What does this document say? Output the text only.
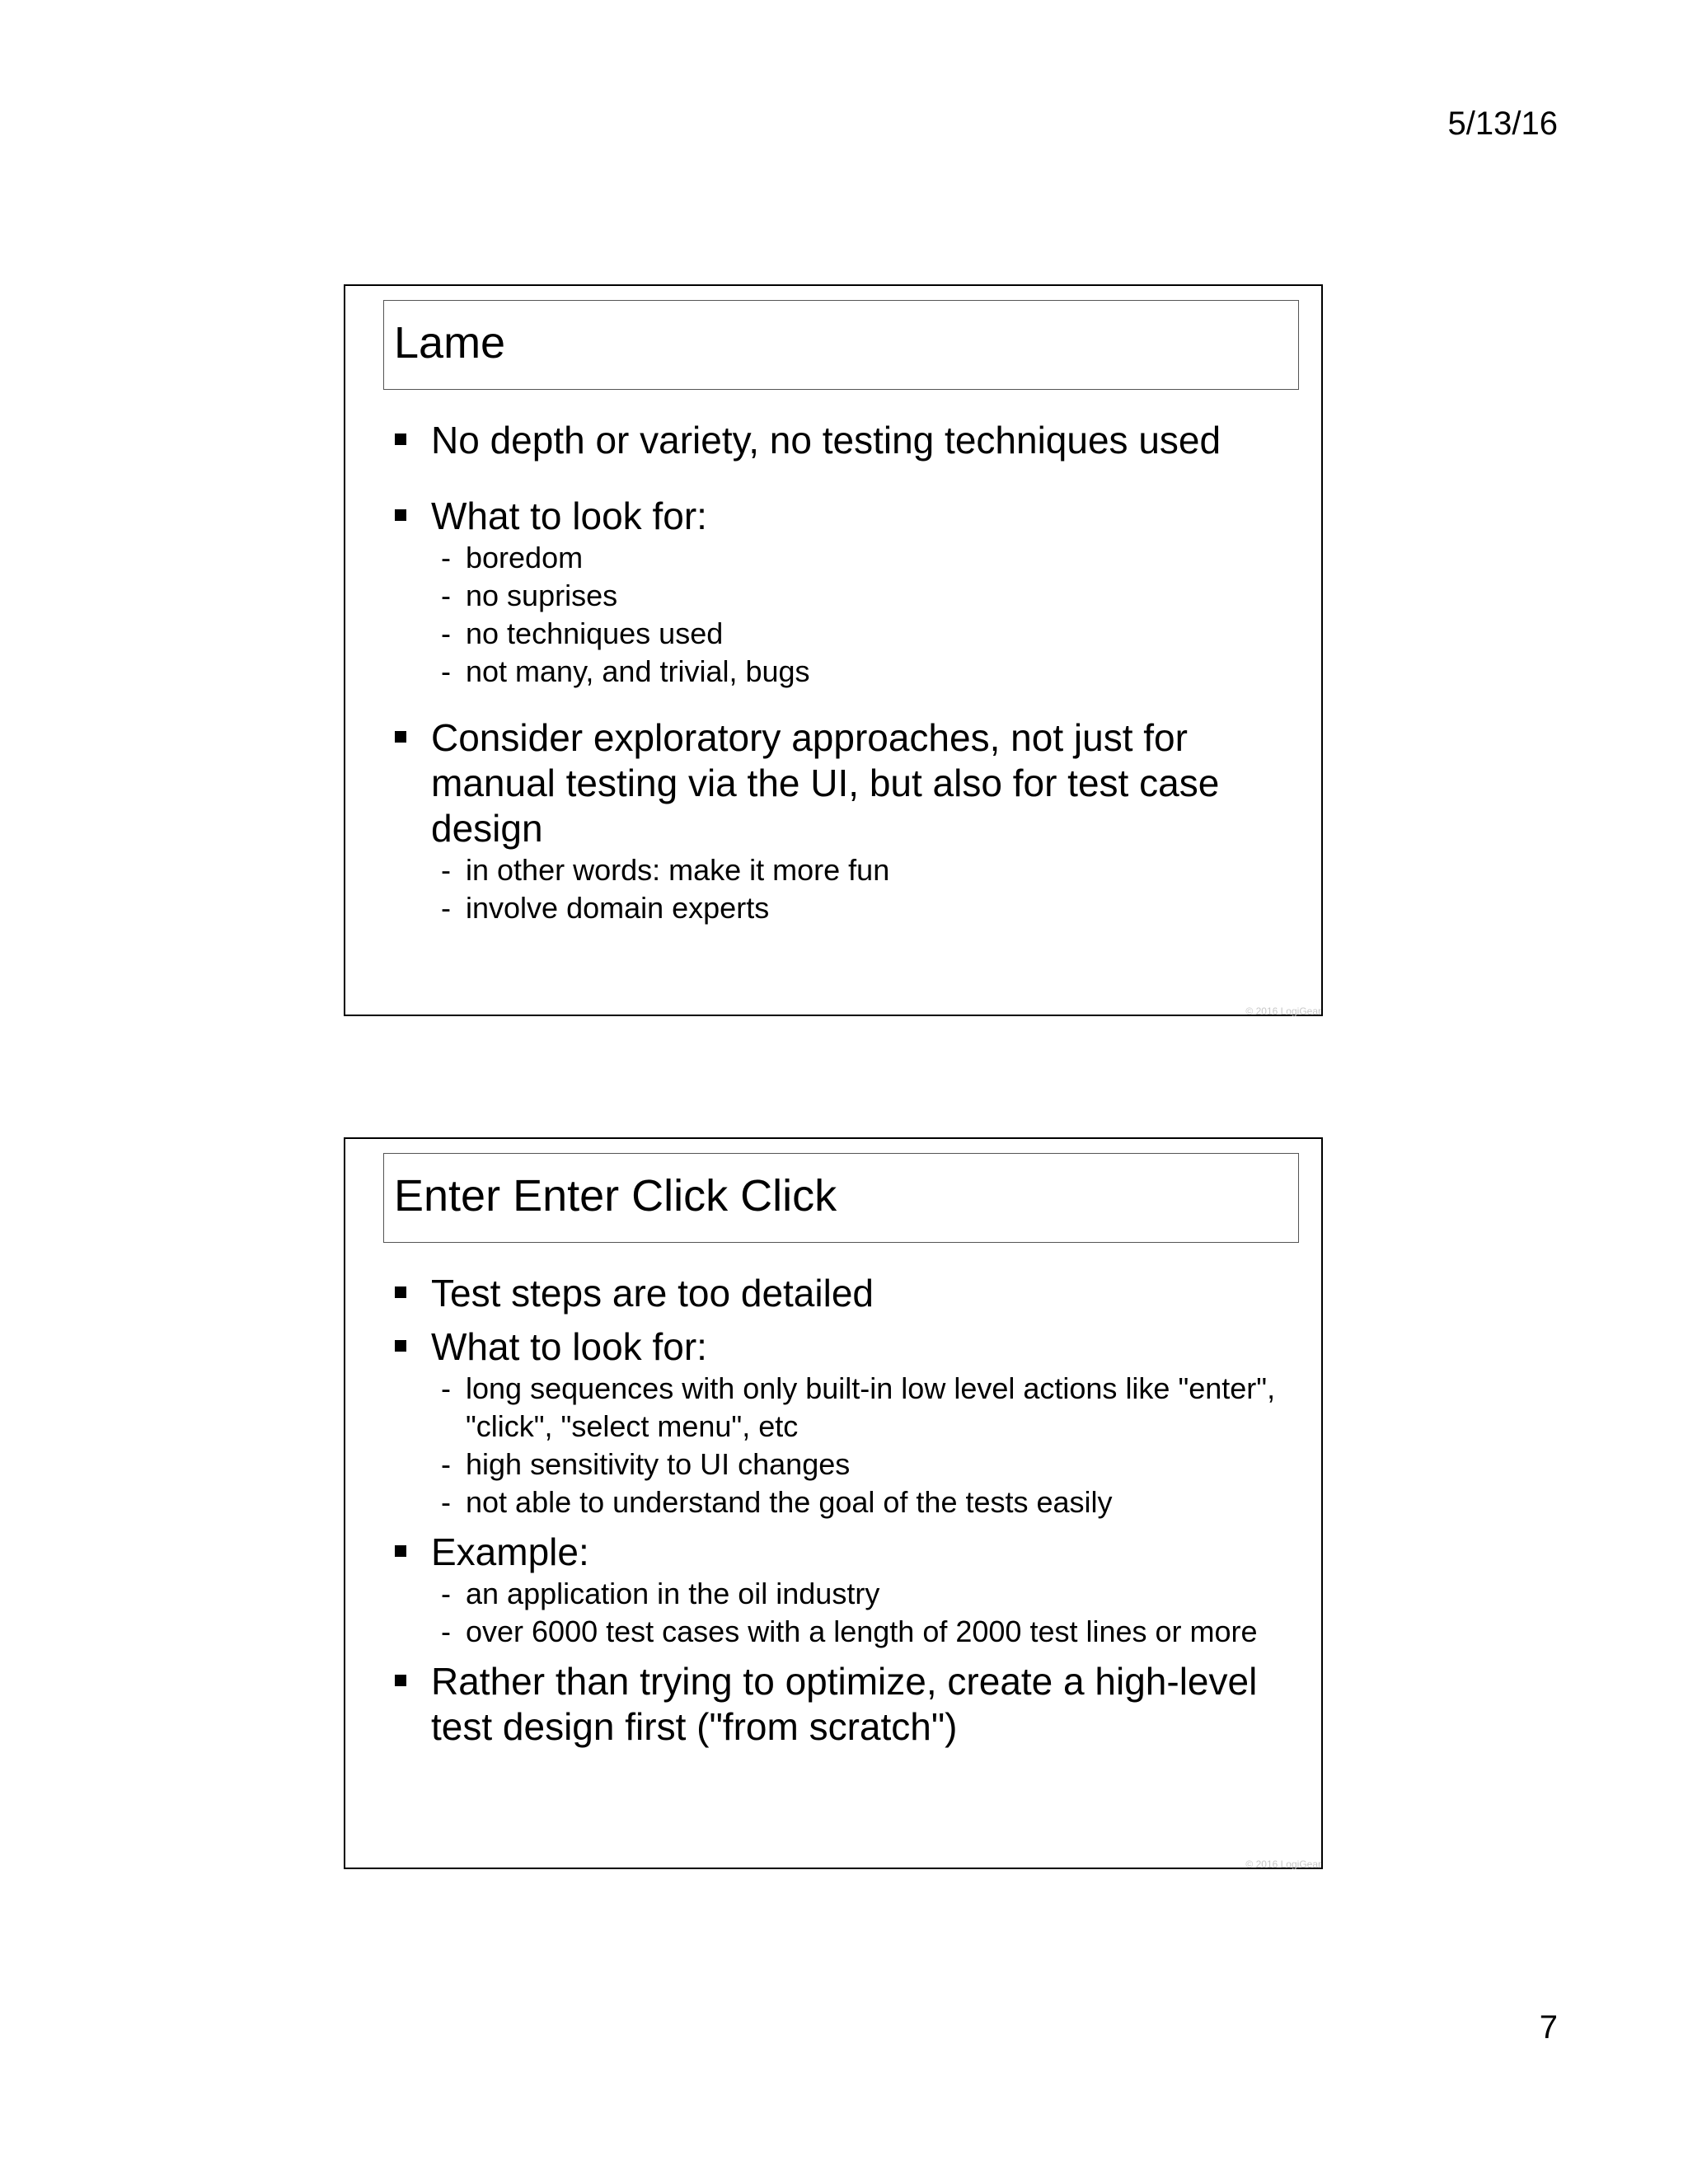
5/13/16
Lame
No depth or variety, no testing techniques used
What to look for:
- boredom
- no suprises
- no techniques used
- not many, and trivial, bugs
Consider exploratory approaches, not just for manual testing via the UI, but also for test case design
- in other words: make it more fun
- involve domain experts
© 2016 LogiGear
Enter Enter Click Click
Test steps are too detailed
What to look for:
- long sequences with only built-in low level actions like "enter", "click", "select menu", etc
- high sensitivity to UI changes
- not able to understand the goal of the tests easily
Example:
- an application in the oil industry
- over 6000 test cases with a length of 2000 test lines or more
Rather than trying to optimize, create a high-level test design first ("from scratch")
© 2016 LogiGear
7
